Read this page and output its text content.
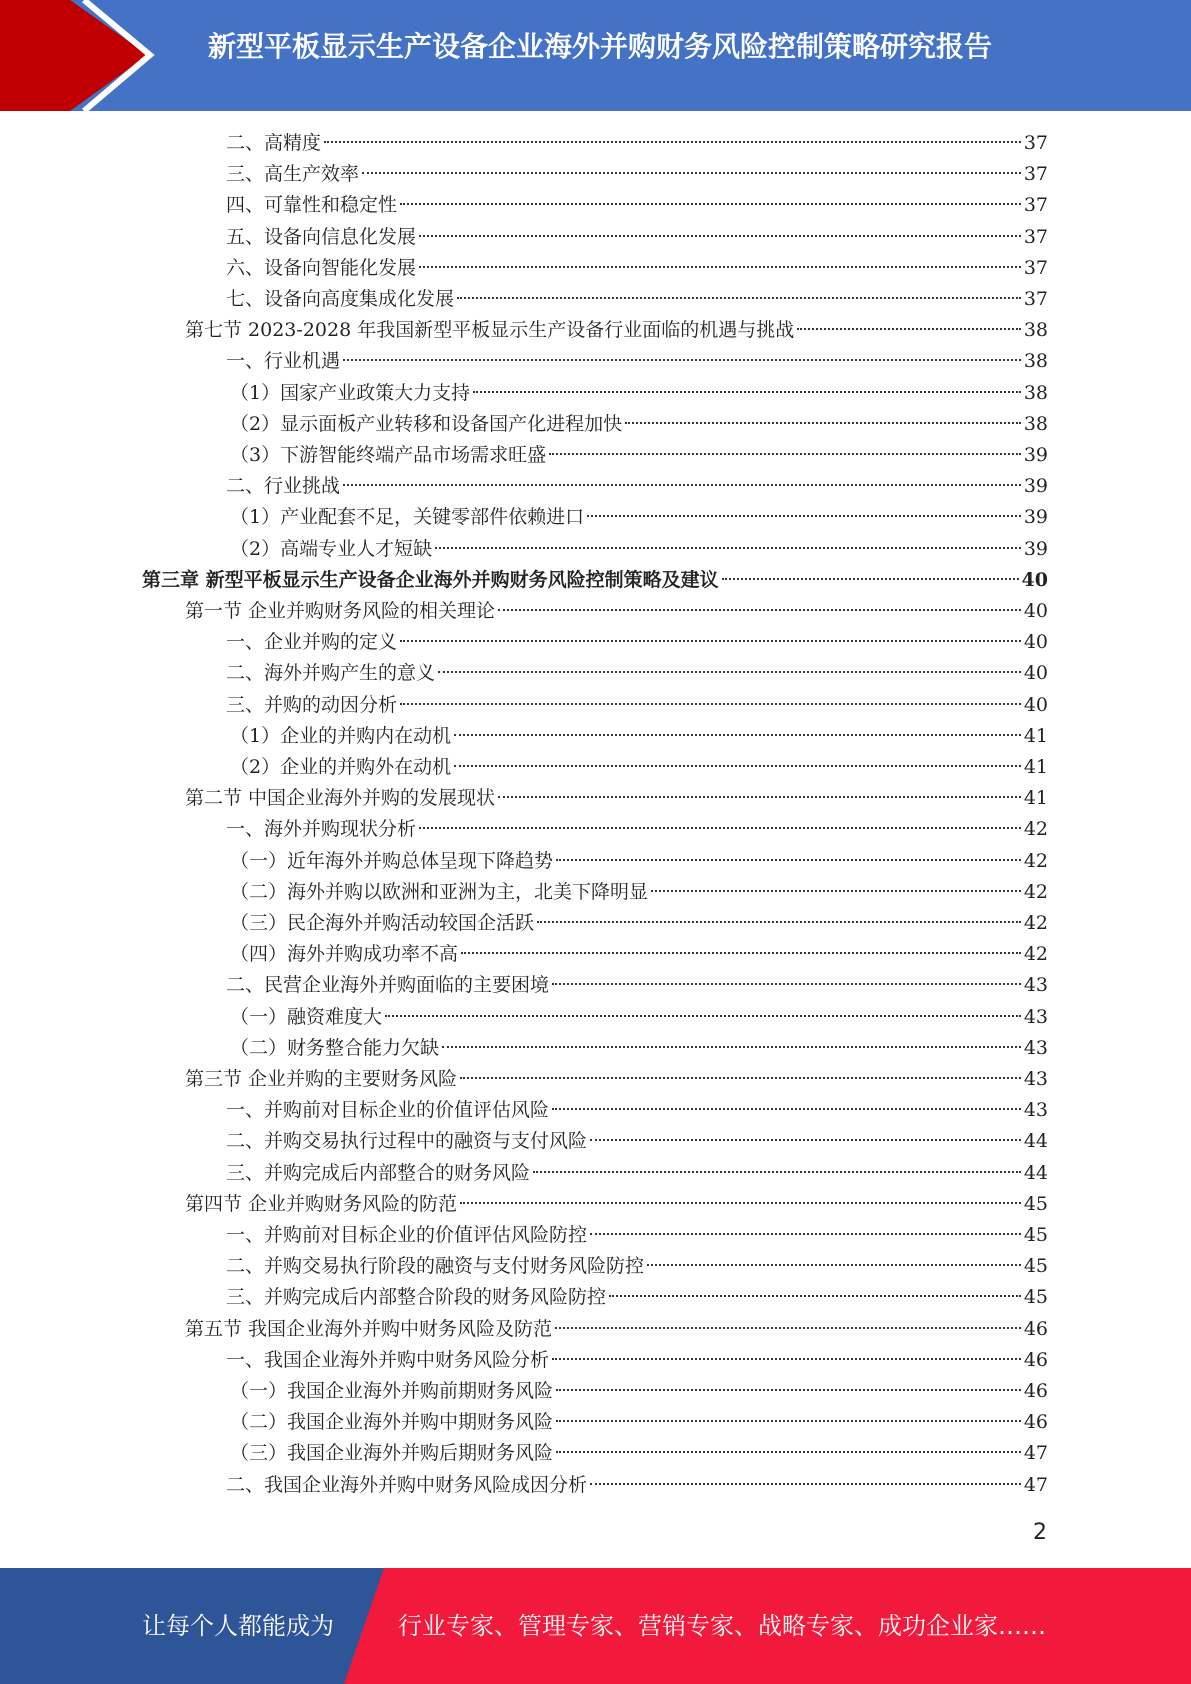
新型平板显示生产设备企业海外并购财务风险控制策略研究报告
二、高精度	37
三、高生产效率	37
四、可靠性和稳定性	37
五、设备向信息化发展	37
六、设备向智能化发展	37
七、设备向高度集成化发展	37
第七节 2023-2028 年我国新型平板显示生产设备行业面临的机遇与挑战	38
一、行业机遇	38
（1）国家产业政策大力支持	38
（2）显示面板产业转移和设备国产化进程加快	38
（3）下游智能终端产品市场需求旺盛	39
二、行业挑战	39
（1）产业配套不足，关键零部件依赖进口	39
（2）高端专业人才短缺	39
第三章 新型平板显示生产设备企业海外并购财务风险控制策略及建议	40
第一节 企业并购财务风险的相关理论	40
一、企业并购的定义	40
二、海外并购产生的意义	40
三、并购的动因分析	40
（1）企业的并购内在动机	41
（2）企业的并购外在动机	41
第二节 中国企业海外并购的发展现状	41
一、海外并购现状分析	42
（一）近年海外并购总体呈现下降趋势	42
（二）海外并购以欧洲和亚洲为主，北美下降明显	42
（三）民企海外并购活动较国企活跃	42
（四）海外并购成功率不高	42
二、民营企业海外并购面临的主要困境	43
（一）融资难度大	43
（二）财务整合能力欠缺	43
第三节 企业并购的主要财务风险	43
一、并购前对目标企业的价值评估风险	43
二、并购交易执行过程中的融资与支付风险	44
三、并购完成后内部整合的财务风险	44
第四节 企业并购财务风险的防范	45
一、并购前对目标企业的价值评估风险防控	45
二、并购交易执行阶段的融资与支付财务风险防控	45
三、并购完成后内部整合阶段的财务风险防控	45
第五节 我国企业海外并购中财务风险及防范	46
一、我国企业海外并购中财务风险分析	46
（一）我国企业海外并购前期财务风险	46
（二）我国企业海外并购中期财务风险	46
（三）我国企业海外并购后期财务风险	47
二、我国企业海外并购中财务风险成因分析	47
2
让每个人都能成为	行业专家、管理专家、营销专家、战略专家、成功企业家……
